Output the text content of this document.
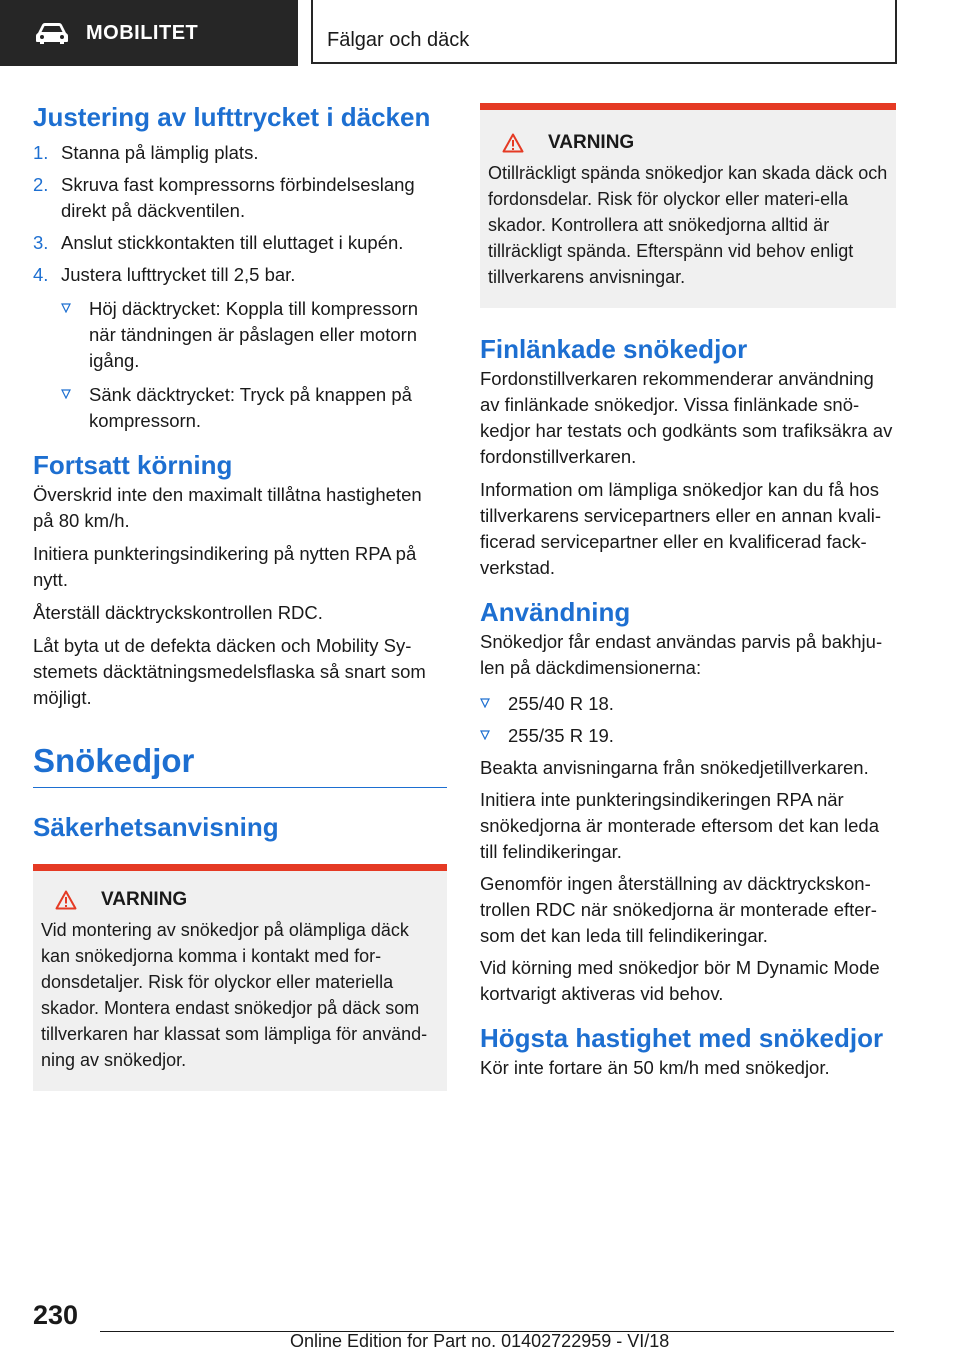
MOBILITET	Fälgar och däck
Justering av lufttrycket i däcken
1. Stanna på lämplig plats.
2. Skruva fast kompressorns förbindelseslang direkt på däckventilen.
3. Anslut stickkontakten till eluttaget i kupén.
4. Justera lufttrycket till 2,5 bar.
Höj däcktrycket: Koppla till kompressorn när tändningen är påslagen eller motorn igång.
Sänk däcktrycket: Tryck på knappen på kompressorn.
Fortsatt körning

Överskrid inte den maximalt tillåtna hastigheten på 80 km/h.

Initiera punkteringsindikering på nytten RPA på nytt.

Återställ däcktryckskontrollen RDC.

Låt byta ut de defekta däcken och Mobility Sy-stemets däcktätningsmedelsflaska så snart som möjligt.

Snökedjor
Säkerhetsanvisning
VARNING

Vid montering av snökedjor på olämpliga däck kan snökedjorna komma i kontakt med for-donsdetaljer. Risk för olyckor eller materiella skador. Montera endast snökedjor på däck som tillverkaren har klassat som lämpliga för använd-ning av snökedjor.

VARNING

Otillräckligt spända snökedjor kan skada däck och fordonsdelar. Risk för olyckor eller materi-ella skador. Kontrollera att snökedjorna alltid är tillräckligt spända. Efterspänn vid behov enligt tillverkarens anvisningar.

Finlänkade snökedjor

Fordonstillverkaren rekommenderar användning av finlänkade snökedjor. Vissa finlänkade snö-kedjor har testats och godkänts som trafiksäkra av fordonstillverkaren.

Information om lämpliga snökedjor kan du få hos tillverkarens servicepartners eller en annan kvali-ficerad servicepartner eller en kvalificerad fack-verkstad.

Användning

Snökedjor får endast användas parvis på bakhju-len på däckdimensionerna:

255/40 R 18.
255/35 R 19.

Beakta anvisningarna från snökedjetillverkaren.

Initiera inte punkteringsindikeringen RPA när snökedjorna är monterade eftersom det kan leda till felindikeringar.

Genomför ingen återställning av däcktryckskon-trollen RDC när snökedjorna är monterade efter-som det kan leda till felindikeringar.

Vid körning med snökedjor bör M Dynamic Mode kortvarigt aktiveras vid behov.

Högsta hastighet med snökedjor

Kör inte fortare än 50 km/h med snökedjor.

230
Online Edition for Part no. 01402722959 - VI/18
